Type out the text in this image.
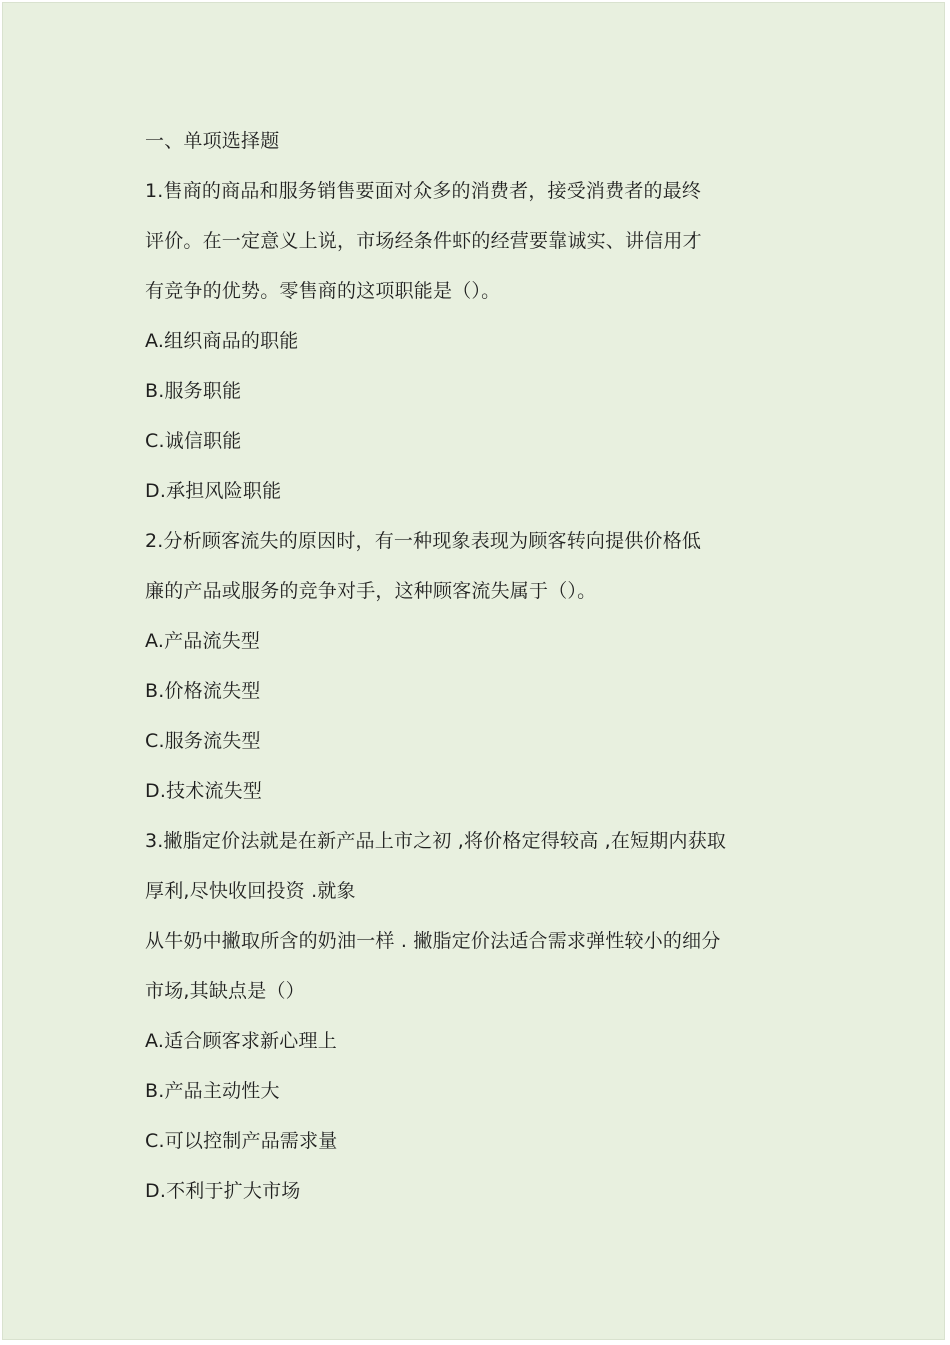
一、单项选择题
1.售商的商品和服务销售要面对众多的消费者，接受消费者的最终
评价。在一定意义上说，市场经条件虾的经营要靠诚实、讲信用才
有竞争的优势。零售商的这项职能是（）。
A.组织商品的职能
B.服务职能
C.诚信职能
D.承担风险职能
2.分析顾客流失的原因时，有一种现象表现为顾客转向提供价格低
廉的产品或服务的竞争对手，这种顾客流失属于（）。
A.产品流失型
B.价格流失型
C.服务流失型
D.技术流失型
3.撇脂定价法就是在新产品上市之初 ,将价格定得较高 ,在短期内获取
厚利,尽快收回投资 .就象
从牛奶中撇取所含的奶油一样 . 撇脂定价法适合需求弹性较小的细分
市场,其缺点是（）
A.适合顾客求新心理上
B.产品主动性大
C.可以控制产品需求量
D.不利于扩大市场
